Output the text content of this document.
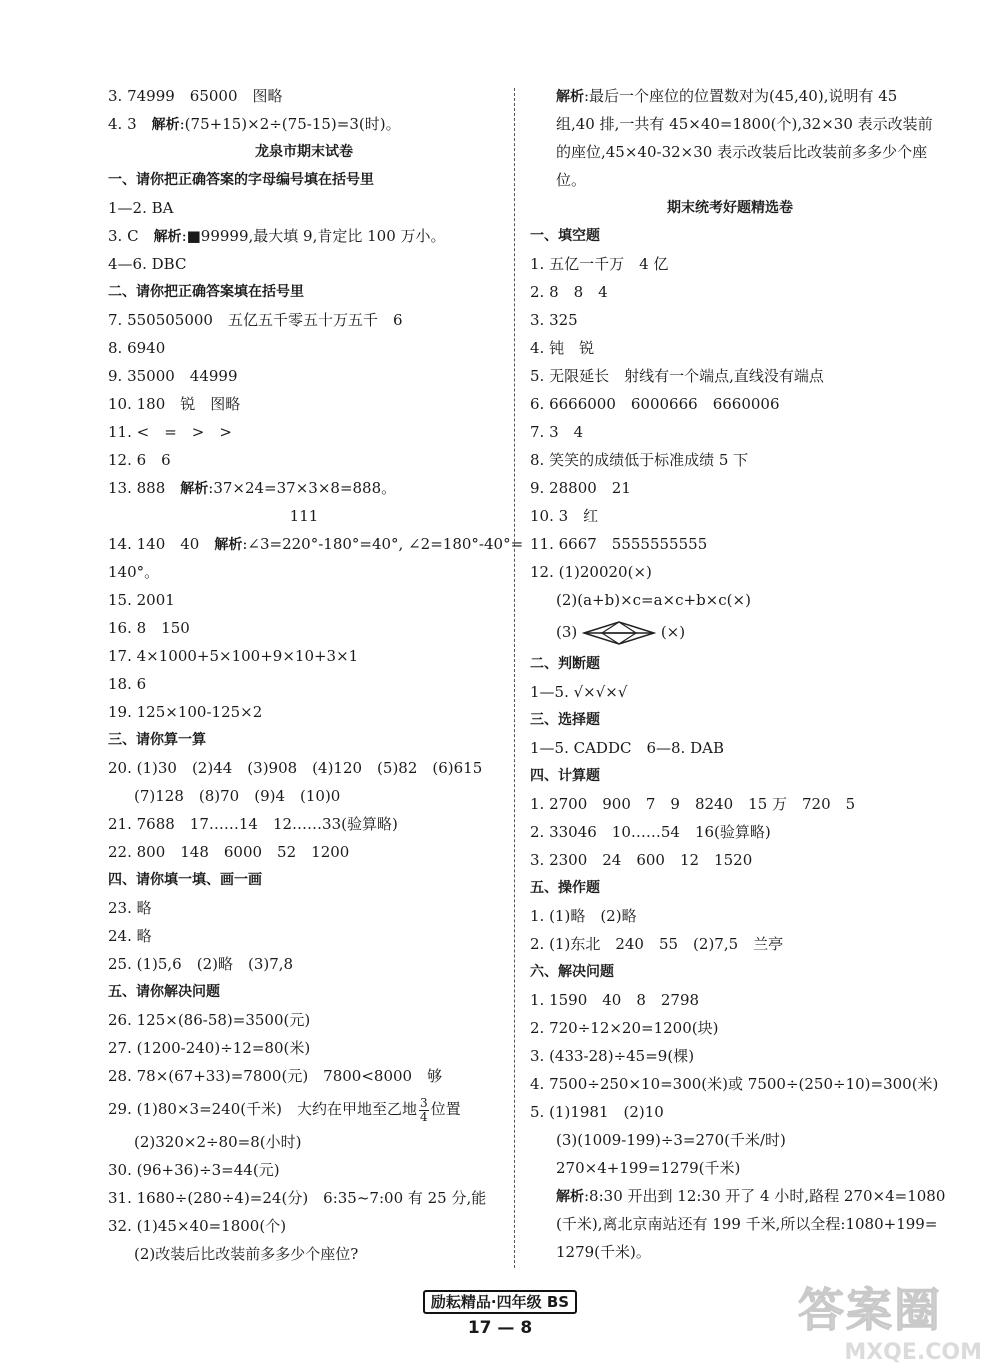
3. 74999　65000　图略
4. 3　解析:(75+15)×2÷(75-15)=3(时)。
龙泉市期末试卷
一、请你把正确答案的字母编号填在括号里
1—2. BA
3. C　解析:■99999,最大填 9,肯定比 100 万小。
4—6. DBC
二、请你把正确答案填在括号里
7. 550505000　五亿五千零五十万五千　6
8. 6940
9. 35000　44999
10. 180　锐　图略
11. <　=　>　>
12. 6　6
13. 888　解析:37×24=37×3×8=888。
111
14. 140　40　解析:∠3=220°-180°=40°, ∠2=180°-40°=
140°。
15. 2001
16. 8　150
17. 4×1000+5×100+9×10+3×1
18. 6
19. 125×100-125×2
三、请你算一算
20. (1)30　(2)44　(3)908　(4)120　(5)82　(6)615
(7)128　(8)70　(9)4　(10)0
21. 7688　17……14　12……33(验算略)
22. 800　148　6000　52　1200
四、请你填一填、画一画
23. 略
24. 略
25. (1)5,6　(2)略　(3)7,8
五、请你解决问题
26. 125×(86-58)=3500(元)
27. (1200-240)÷12=80(米)
28. 78×(67+33)=7800(元)　7800<8000　够
29. (1)80×3=240(千米)　大约在甲地至乙地 $\frac{3}{4}$ 位置
(2)320×2÷80=8(小时)
30. (96+36)÷3=44(元)
31. 1680÷(280÷4)=24(分)　6:35~7:00 有 25 分,能
32. (1)45×40=1800(个)
(2)改装后比改装前多多少个座位?
解析:最后一个座位的位置数对为(45,40),说明有 45
组,40 排,一共有 45×40=1800(个),32×30 表示改装前
的座位,45×40-32×30 表示改装后比改装前多多少个座
位。
期末统考好题精选卷
一、填空题
1. 五亿一千万　4 亿
2. 8　8　4
3. 325
4. 钝　锐
5. 无限延长　射线有一个端点,直线没有端点
6. 6666000　6000666　6660006
7. 3　4
8. 笑笑的成绩低于标准成绩 5 下
9. 28800　21
10. 3　红
11. 6667　5555555555
12. (1)20020(×)
(2)(a+b)×c=a×c+b×c(×)
(3)	(×)
二、判断题
1—5. √×√×√
三、选择题
1—5. CADDC　6—8. DAB
四、计算题
1. 2700　900　7　9　8240　15 万　720　5
2. 33046　10……54　16(验算略)
3. 2300　24　600　12　1520
五、操作题
1. (1)略　(2)略
2. (1)东北　240　55　(2)7,5　兰亭
六、解决问题
1. 1590　40　8　2798
2. 720÷12×20=1200(块)
3. (433-28)÷45=9(棵)
4. 7500÷250×10=300(米)或 7500÷(250÷10)=300(米)
5. (1)1981　(2)10
(3)(1009-199)÷3=270(千米/时)
270×4+199=1279(千米)
解析:8:30 开出到 12:30 开了 4 小时,路程 270×4=1080
(千米),离北京南站还有 199 千米,所以全程:1080+199=
1279(千米)。
励耘精品·四年级 BS
17 — 8	答案圈
MXQE.COM
